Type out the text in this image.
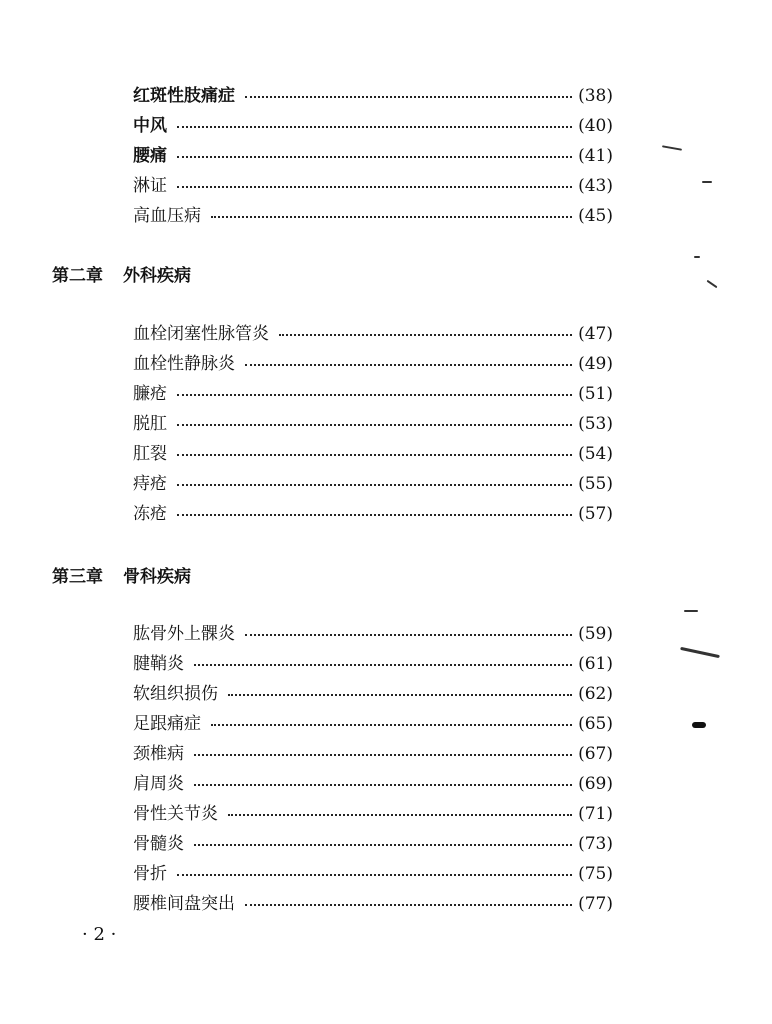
红斑性肢痛症	(38)
中风	(40)
腰痛	(41)
淋证	(43)
高血压病	(45)
第二章 外科疾病
血栓闭塞性脉管炎	(47)
血栓性静脉炎	(49)
臁疮	(51)
脱肛	(53)
肛裂	(54)
痔疮	(55)
冻疮	(57)
第三章 骨科疾病
肱骨外上髁炎	(59)
腱鞘炎	(61)
软组织损伤	(62)
足跟痛症	(65)
颈椎病	(67)
肩周炎	(69)
骨性关节炎	(71)
骨髓炎	(73)
骨折	(75)
腰椎间盘突出	(77)
· 2 ·
